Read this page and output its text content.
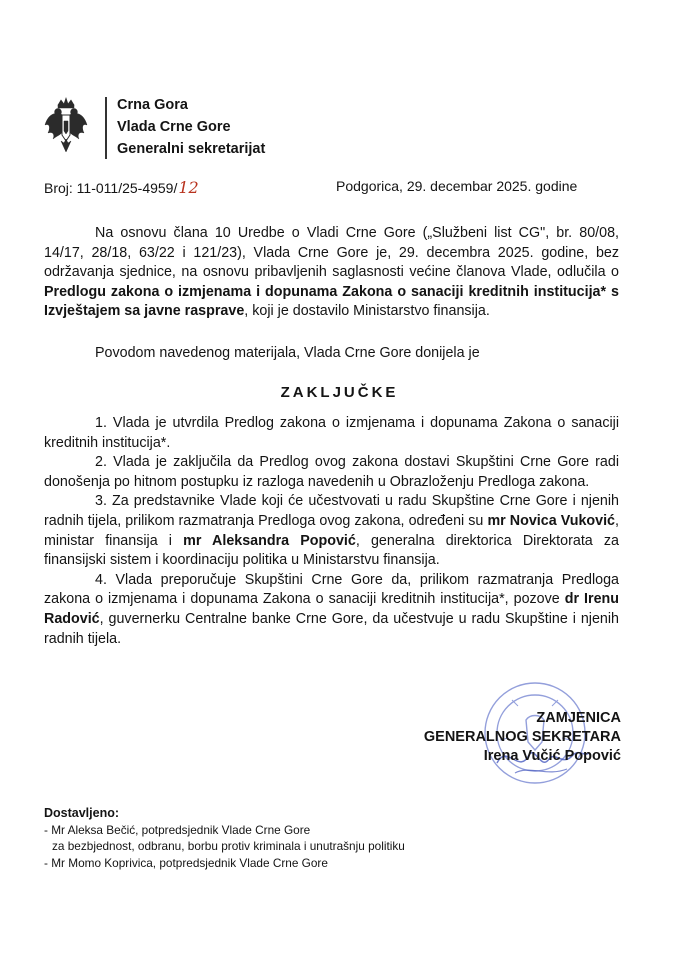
Crna Gora
Vlada Crne Gore
Generalni sekretarijat
Broj: 11-011/25-4959/12	Podgorica, 29. decembar 2025. godine

Na osnovu člana 10 Uredbe o Vladi Crne Gore („Službeni list CG", br. 80/08, 14/17, 28/18, 63/22 i 121/23), Vlada Crne Gore je, 29. decembra 2025. godine, bez održavanja sjednice, na osnovu pribavljenih saglasnosti većine članova Vlade, odlučila o Predlogu zakona o izmjenama i dopunama Zakona o sanaciji kreditnih institucija* s Izvještajem sa javne rasprave, koji je dostavilo Ministarstvo finansija.

Povodom navedenog materijala, Vlada Crne Gore donijela je
ZAKLJUČKE

1. Vlada je utvrdila Predlog zakona o izmjenama i dopunama Zakona o sanaciji kreditnih institucija*.

2. Vlada je zaključila da Predlog ovog zakona dostavi Skupštini Crne Gore radi donošenja po hitnom postupku iz razloga navedenih u Obrazloženju Predloga zakona.

3. Za predstavnike Vlade koji će učestvovati u radu Skupštine Crne Gore i njenih radnih tijela, prilikom razmatranja Predloga ovog zakona, određeni su mr Novica Vuković, ministar finansija i mr Aleksandra Popović, generalna direktorica Direktorata za finansijski sistem i koordinaciju politika u Ministarstvu finansija.

4. Vlada preporučuje Skupštini Crne Gore da, prilikom razmatranja Predloga zakona o izmjenama i dopunama Zakona o sanaciji kreditnih institucija*, pozove dr Irenu Radović, guvernerku Centralne banke Crne Gore, da učestvuje u radu Skupštine i njenih radnih tijela.

ZAMJENICA
GENERALNOG SEKRETARA
Irena Vučić Popović
Dostavljeno:
- Mr Aleksa Bečić, potpredsjednik Vlade Crne Gore
za bezbjednost, odbranu, borbu protiv kriminala i unutrašnju politiku
- Mr Momo Koprivica, potpredsjednik Vlade Crne Gore
